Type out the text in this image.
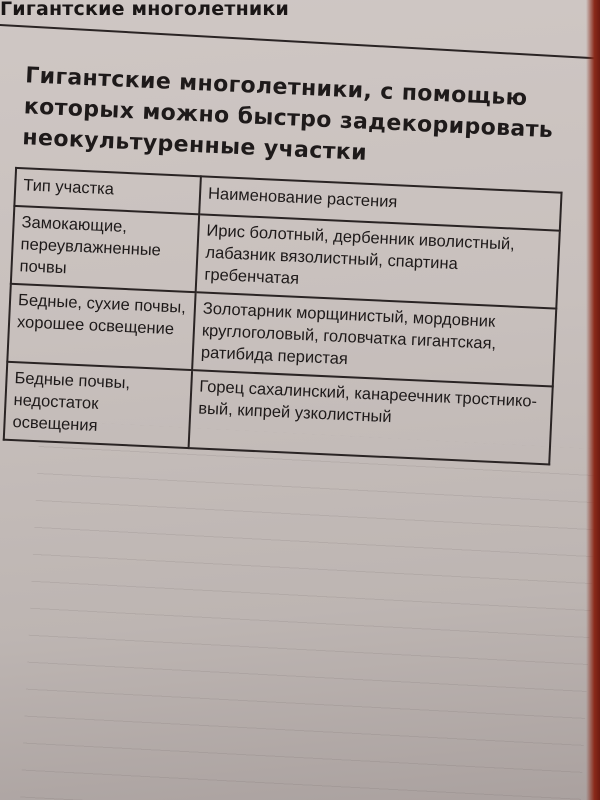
Гигантские многолетники
Гигантские многолетники, с помощью которых можно быстро задекорировать неокультуренные участки
Тип участка	Наименование растения
Замокающие, переувлажненные почвы	Ирис болотный, дербенник иволистный, лабазник вязолистный, спартина гребенчатая
Бедные, сухие почвы, хорошее освещение	Золотарник морщинистый, мордовник круглоголовый, головчатка гигантская, ратибида перистая
Бедные почвы, недостаток освещения	Горец сахалинский, канареечник тростнико-вый, кипрей узколистный
